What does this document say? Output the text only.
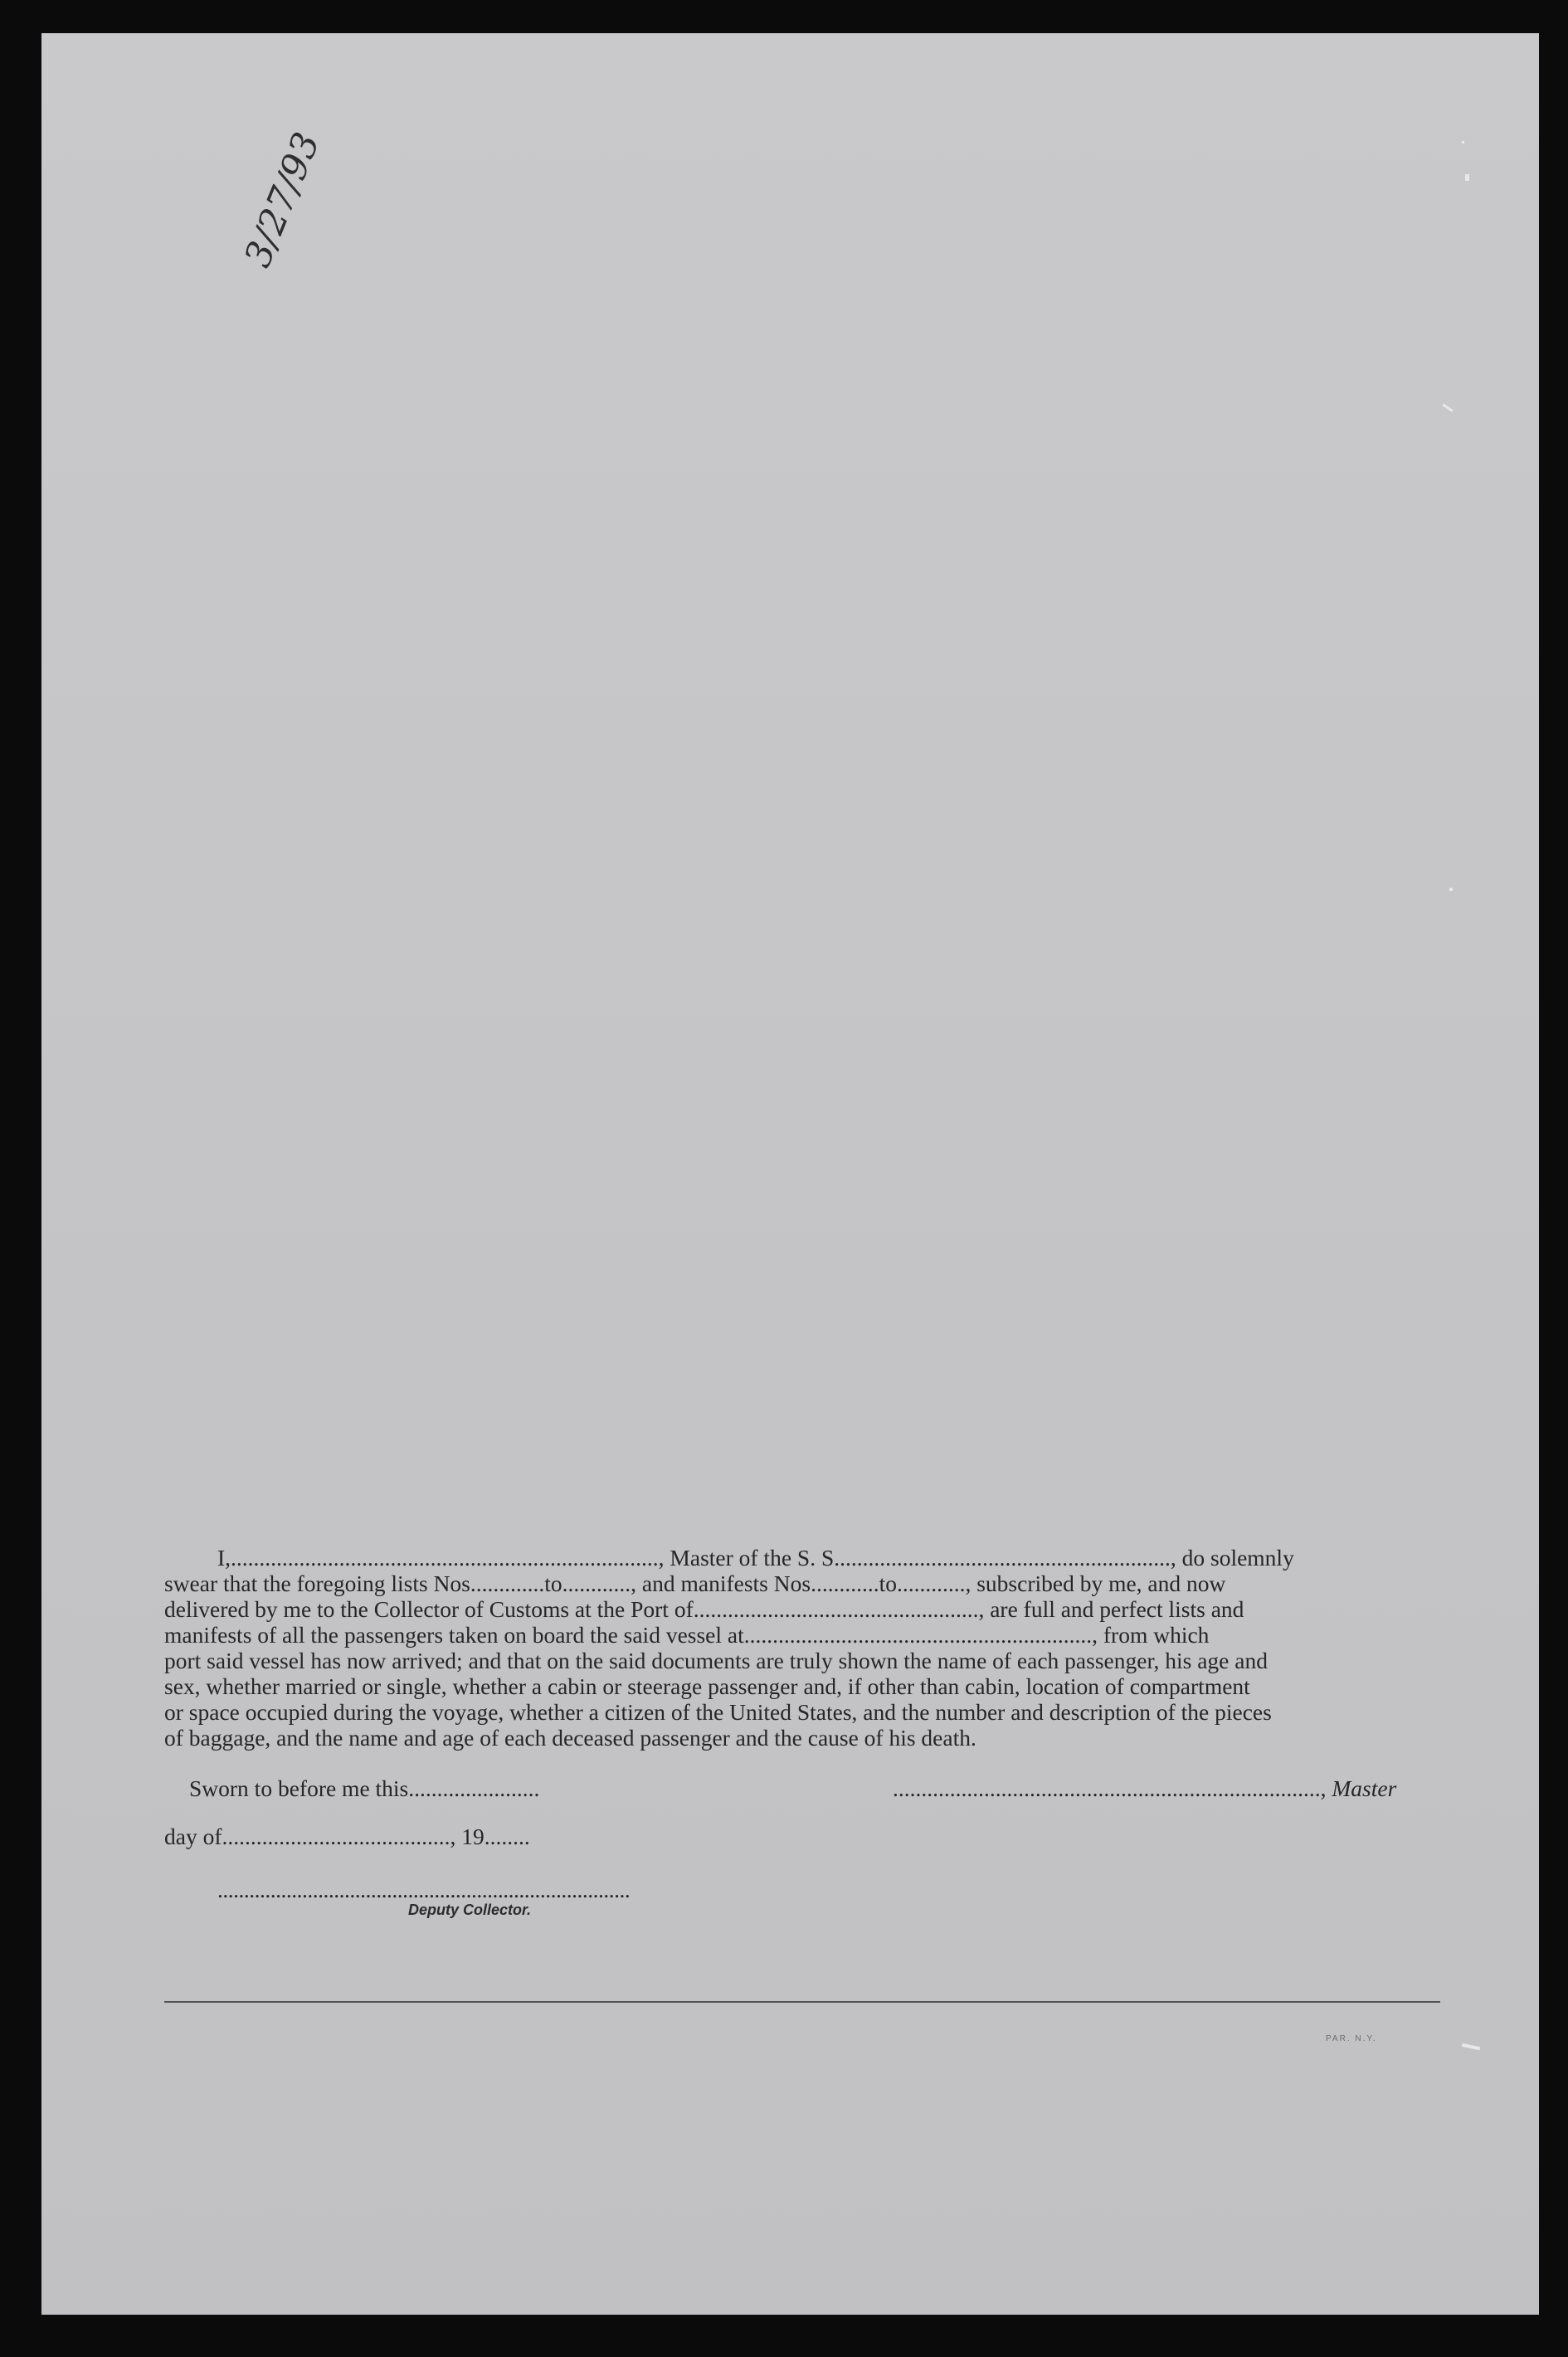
3/27/93

I,..........................................................................., Master of the S. S..........................................................., do solemnly

swear that the foregoing lists Nos.............to............, and manifests Nos............to............, subscribed by me, and now

delivered by me to the Collector of Customs at the Port of.................................................., are full and perfect lists and

manifests of all the passengers taken on board the said vessel at............................................................., from which

port said vessel has now arrived; and that on the said documents are truly shown the name of each passenger, his age and

sex, whether married or single, whether a cabin or steerage passenger and, if other than cabin, location of compartment

or space occupied during the voyage, whether a citizen of the United States, and the number and description of the pieces

of baggage, and the name and age of each deceased passenger and the cause of his death.

Sworn to before me this.......................	..........................................................................., Master
day of........................................, 19........
..............................................................................
Deputy Collector.
PAR. N.Y.
